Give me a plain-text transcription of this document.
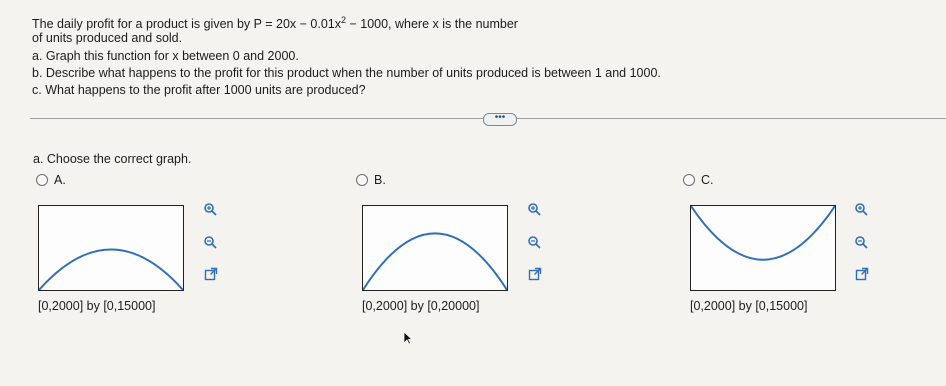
The daily profit for a product is given by $P = 20x - 0.01x^2 - 1000$, where x is the number
of units produced and sold.
a. Graph this function for x between 0 and 2000.
b. Describe what happens to the profit for this product when the number of units produced is between 1 and 1000.
c. What happens to the profit after 1000 units are produced?
•••
a. Choose the correct graph.
A.
[0,2000] by [0,15000]
B.
[0,2000] by [0,20000]
C.
[0,2000] by [0,15000]
